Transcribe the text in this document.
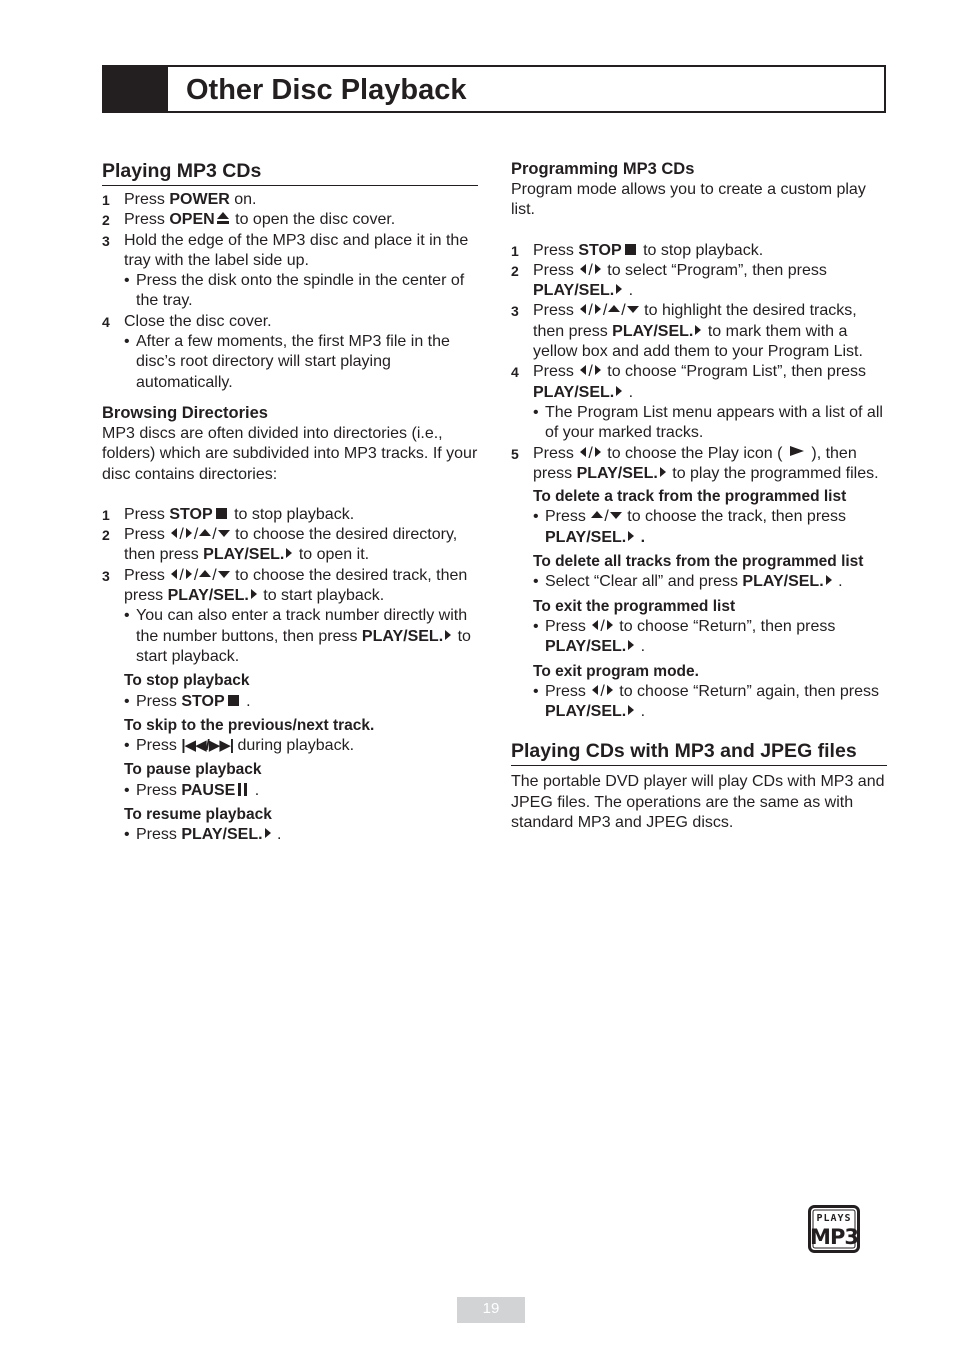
Other Disc Playback
Playing MP3 CDs
1 Press POWER on.
2 Press OPEN to open the disc cover.
3 Hold the edge of the MP3 disc and place it in the tray with the label side up.
• Press the disk onto the spindle in the center of the tray.
4 Close the disc cover.
• After a few moments, the first MP3 file in the disc’s root directory will start playing automatically.
Browsing Directories

MP3 discs are often divided into directories (i.e., folders) which are subdivided into MP3 tracks. If your disc contains directories:

1 Press STOP to stop playback.
2 Press / / / to choose the desired directory, then press PLAY/SEL. to open it.
3 Press / / / to choose the desired track, then press PLAY/SEL. to start playback.
• You can also enter a track number directly with the number buttons, then press PLAY/SEL. to start playback.
To stop playback
• Press STOP .
To skip to the previous/next track.
• Press |◀◀/▶▶| during playback.
To pause playback
• Press PAUSE .
To resume playback
• Press PLAY/SEL. .
Programming MP3 CDs

Program mode allows you to create a custom play list.

1 Press STOP to stop playback.
2 Press / to select “Program”, then press PLAY/SEL. .
3 Press / / / to highlight the desired tracks, then press PLAY/SEL. to mark them with a yellow box and add them to your Program List.
4 Press / to choose “Program List”, then press PLAY/SEL. .
• The Program List menu appears with a list of all of your marked tracks.
5 Press / to choose the Play icon (  ), then press PLAY/SEL. to play the programmed files.
To delete a track from the programmed list
• Press / to choose the track, then press PLAY/SEL. .
To delete all tracks from the programmed list
• Select “Clear all” and press PLAY/SEL. .
To exit the programmed list
• Press / to choose “Return”, then press PLAY/SEL. .
To exit program mode.
• Press / to choose “Return” again, then press PLAY/SEL. .
Playing CDs with MP3 and JPEG files

The portable DVD player will play CDs with MP3 and JPEG files. The operations are the same as with standard MP3 and JPEG discs.

PLAYS
MP3
19
